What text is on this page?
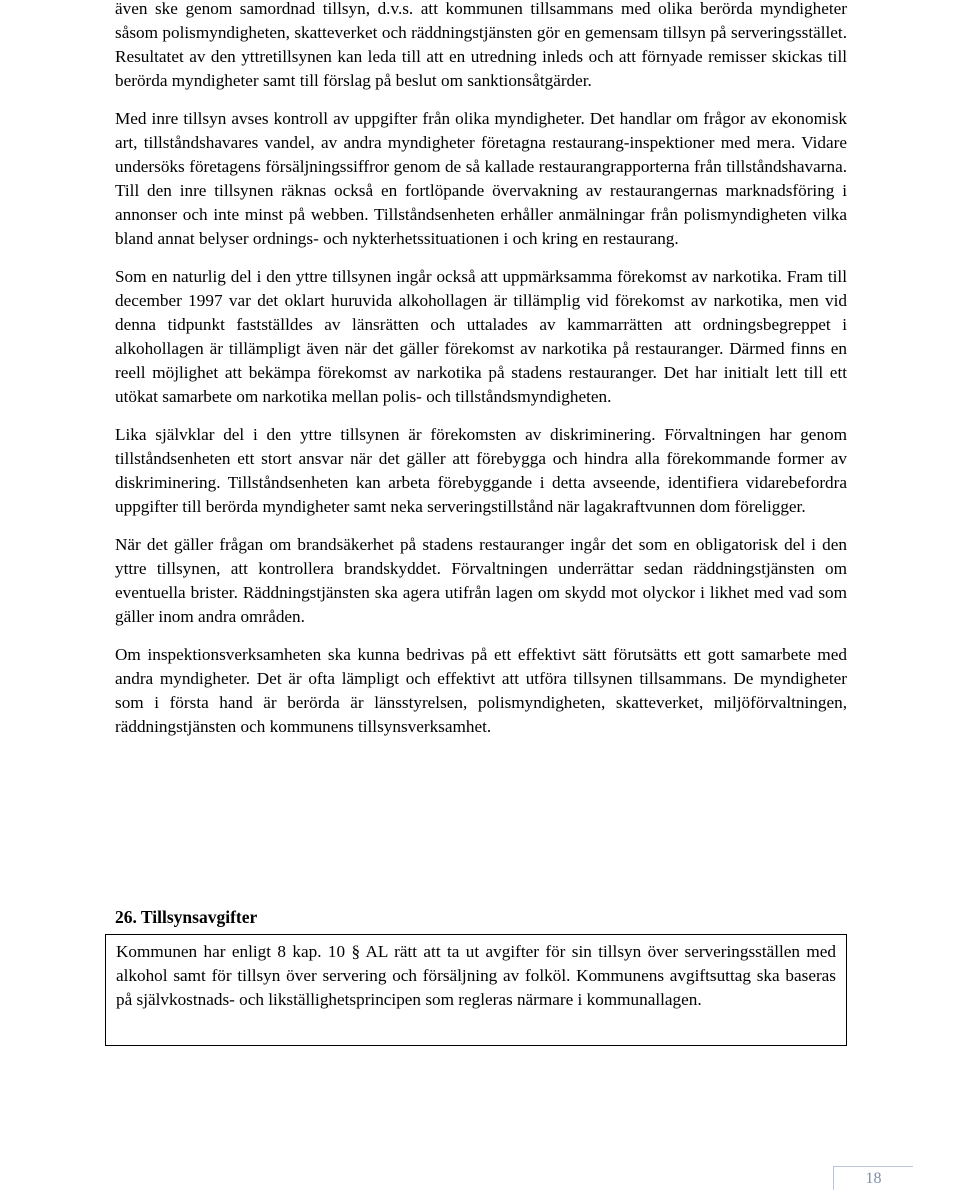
även ske genom samordnad tillsyn, d.v.s. att kommunen tillsammans med olika berörda myndigheter såsom polismyndigheten, skatteverket och räddningstjänsten gör en gemensam tillsyn på serveringsstället. Resultatet av den yttretillsynen kan leda till att en utredning inleds och att förnyade remisser skickas till berörda myndigheter samt till förslag på beslut om sanktionsåtgärder.

Med inre tillsyn avses kontroll av uppgifter från olika myndigheter. Det handlar om frågor av ekonomisk art, tillståndshavares vandel, av andra myndigheter företagna restaurang-inspektioner med mera. Vidare undersöks företagens försäljningssiffror genom de så kallade restaurangrapporterna från tillståndshavarna. Till den inre tillsynen räknas också en fortlöpande övervakning av restaurangernas marknadsföring i annonser och inte minst på webben. Tillståndsenheten erhåller anmälningar från polismyndigheten vilka bland annat belyser ordnings- och nykterhetssituationen i och kring en restaurang.

Som en naturlig del i den yttre tillsynen ingår också att uppmärksamma förekomst av narkotika. Fram till december 1997 var det oklart huruvida alkohollagen är tillämplig vid förekomst av narkotika, men vid denna tidpunkt fastställdes av länsrätten och uttalades av kammarrätten att ordningsbegreppet i alkohollagen är tillämpligt även när det gäller förekomst av narkotika på restauranger. Därmed finns en reell möjlighet att bekämpa förekomst av narkotika på stadens restauranger. Det har initialt lett till ett utökat samarbete om narkotika mellan polis- och tillståndsmyndigheten.

Lika självklar del i den yttre tillsynen är förekomsten av diskriminering. Förvaltningen har genom tillståndsenheten ett stort ansvar när det gäller att förebygga och hindra alla förekommande former av diskriminering. Tillståndsenheten kan arbeta förebyggande i detta avseende, identifiera vidarebefordra uppgifter till berörda myndigheter samt neka serveringstillstånd när lagakraftvunnen dom föreligger.

När det gäller frågan om brandsäkerhet på stadens restauranger ingår det som en obligatorisk del i den yttre tillsynen, att kontrollera brandskyddet. Förvaltningen underrättar sedan räddningstjänsten om eventuella brister. Räddningstjänsten ska agera utifrån lagen om skydd mot olyckor i likhet med vad som gäller inom andra områden.

Om inspektionsverksamheten ska kunna bedrivas på ett effektivt sätt förutsätts ett gott samarbete med andra myndigheter. Det är ofta lämpligt och effektivt att utföra tillsynen tillsammans. De myndigheter som i första hand är berörda är länsstyrelsen, polismyndigheten, skatteverket, miljöförvaltningen, räddningstjänsten och kommunens tillsynsverksamhet.

26. Tillsynsavgifter

Kommunen har enligt 8 kap. 10 § AL rätt att ta ut avgifter för sin tillsyn över serveringsställen med alkohol samt för tillsyn över servering och försäljning av folköl. Kommunens avgiftsuttag ska baseras på självkostnads- och likställighetsprincipen som regleras närmare i kommunallagen.

18
